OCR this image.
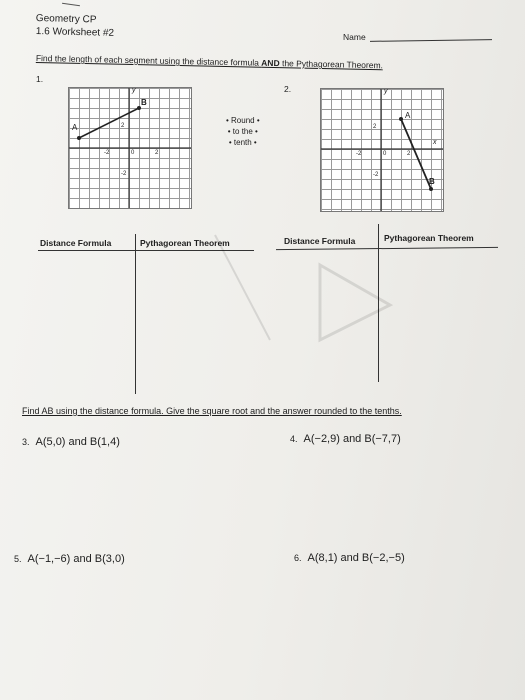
Geometry CP
1.6 Worksheet #2	Name
Find the length of each segment using the distance formula AND the Pythagorean Theorem.
1.
2.
y
A
B
2
-2	0	2
-2
• Round •
• to the •
• tenth •
y
A
B
2
-2	0	2
-2
x
Distance Formula	Pythagorean Theorem	Distance Formula	Pythagorean Theorem
Find AB using the distance formula. Give the square root and the answer rounded to the tenths.
3. A(5,0) and B(1,4)	4. A(−2,9) and B(−7,7)
5. A(−1,−6) and B(3,0)	6. A(8,1) and B(−2,−5)
